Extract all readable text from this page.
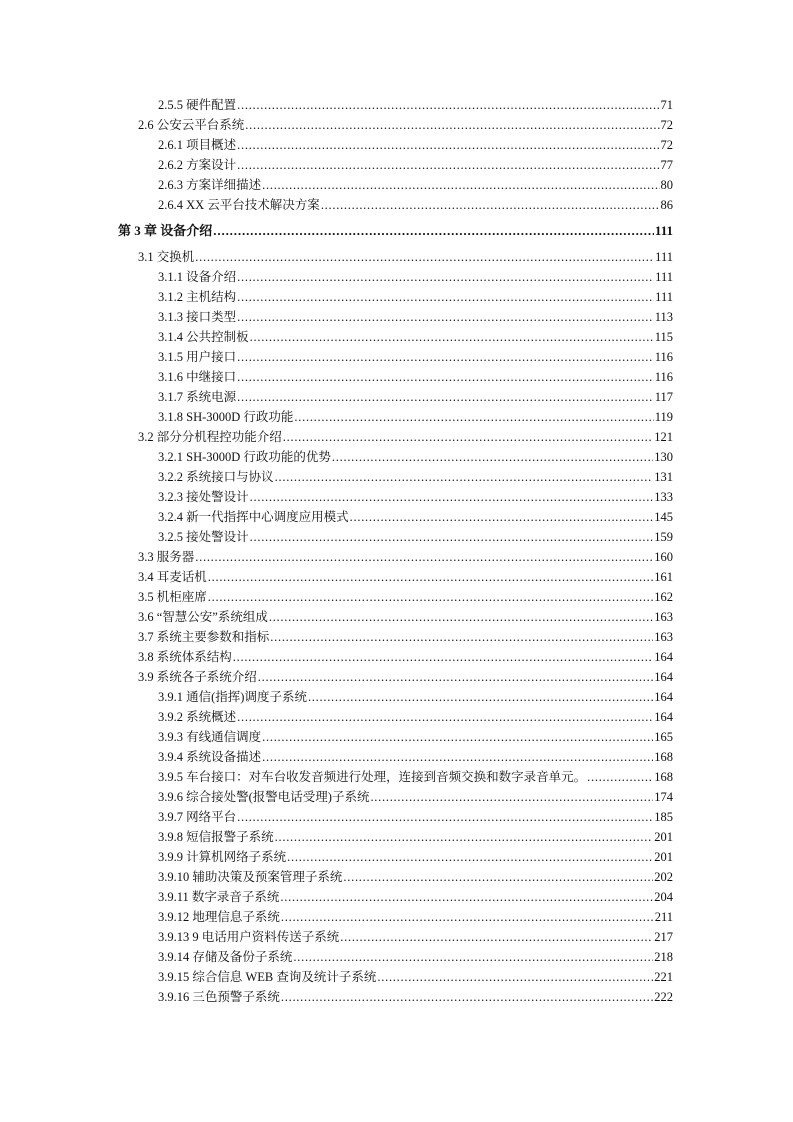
2.5.5 硬件配置 . . .	71
2.6 公安云平台系统 . . .	72
2.6.1 项目概述 . . .	72
2.6.2 方案设计 . . .	77
2.6.3 方案详细描述 . . .	80
2.6.4 XX 云平台技术解决方案 . . .	86
第 3 章 设备介绍 . . .	111
3.1 交换机 . . .	111
3.1.1 设备介绍 . . .	111
3.1.2 主机结构 . . .	111
3.1.3 接口类型 . . .	113
3.1.4 公共控制板 . . .	115
3.1.5 用户接口 . . .	116
3.1.6 中继接口 . . .	116
3.1.7 系统电源 . . .	117
3.1.8 SH-3000D 行政功能 . . .	119
3.2 部分分机程控功能介绍 . . .	121
3.2.1 SH-3000D 行政功能的优势 . . .	130
3.2.2 系统接口与协议 . . .	131
3.2.3 接处警设计 . . .	133
3.2.4 新一代指挥中心调度应用模式 . . .	145
3.2.5 接处警设计 . . .	159
3.3 服务器 . . .	160
3.4 耳麦话机 . . .	161
3.5 机柜座席 . . .	162
3.6 “智慧公安”系统组成 . . .	163
3.7 系统主要参数和指标 . . .	163
3.8 系统体系结构 . . .	164
3.9 系统各子系统介绍 . . .	164
3.9.1 通信(指挥)调度子系统 . . .	164
3.9.2 系统概述 . . .	164
3.9.3 有线通信调度 . . .	165
3.9.4 系统设备描述 . . .	168
3.9.5 车台接口：对车台收发音频进行处理，连接到音频交换和数字录音单元。 . . .	168
3.9.6 综合接处警(报警电话受理)子系统 . . .	174
3.9.7 网络平台 . . .	185
3.9.8 短信报警子系统 . . .	201
3.9.9 计算机网络子系统 . . .	201
3.9.10 辅助决策及预案管理子系统 . . .	202
3.9.11 数字录音子系统 . . .	204
3.9.12 地理信息子系统 . . .	211
3.9.13 9 电话用户资料传送子系统 . . .	217
3.9.14 存储及备份子系统 . . .	218
3.9.15 综合信息 WEB 查询及统计子系统 . . .	221
3.9.16 三色预警子系统 . . .	222
